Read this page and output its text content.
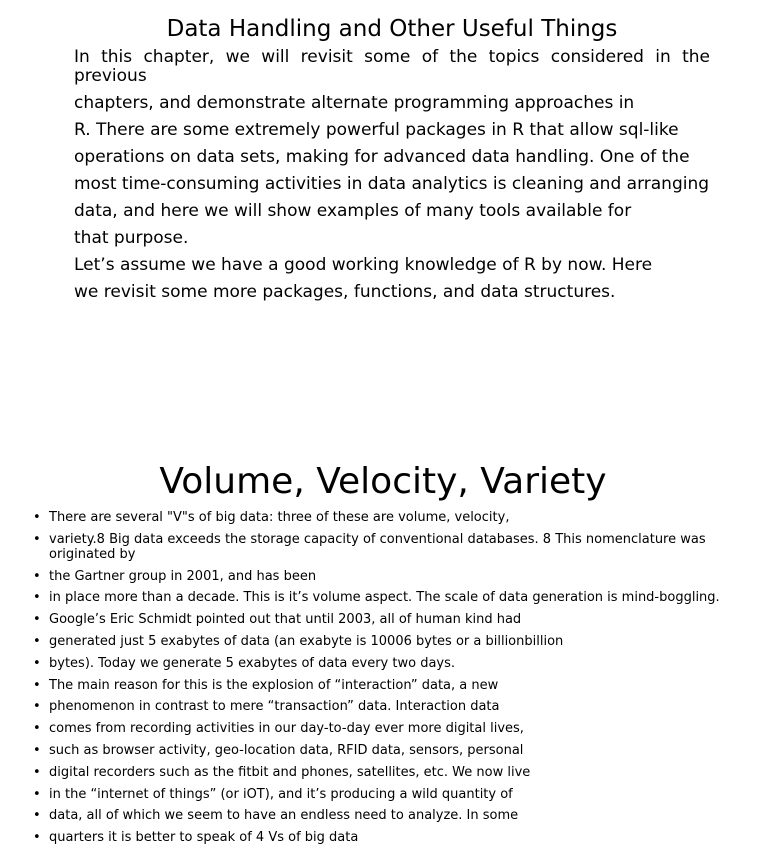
Data Handling and Other Useful Things
In this chapter, we will revisit some of the topics considered in the previous
chapters, and demonstrate alternate programming approaches in
R. There are some extremely powerful packages in R that allow sql-like
operations on data sets, making for advanced data handling. One of the
most time-consuming activities in data analytics is cleaning and arranging
data, and here we will show examples of many tools available for
that purpose.
Let’s assume we have a good working knowledge of R by now. Here
we revisit some more packages, functions, and data structures.
Volume, Velocity, Variety
• There are several "V"s of big data: three of these are volume, velocity,
• variety.8 Big data exceeds the storage capacity of conventional databases. 8 This nomenclature was originated by
• the Gartner group in 2001, and has been
• in place more than a decade. This is it’s volume aspect. The scale of data generation is mind-boggling.
• Google’s Eric Schmidt pointed out that until 2003, all of human kind had
• generated just 5 exabytes of data (an exabyte is 10006 bytes or a billionbillion
• bytes). Today we generate 5 exabytes of data every two days.
• The main reason for this is the explosion of “interaction” data, a new
• phenomenon in contrast to mere “transaction” data. Interaction data
• comes from recording activities in our day-to-day ever more digital lives,
• such as browser activity, geo-location data, RFID data, sensors, personal
• digital recorders such as the fitbit and phones, satellites, etc. We now live
• in the “internet of things” (or iOT), and it’s producing a wild quantity of
• data, all of which we seem to have an endless need to analyze. In some
• quarters it is better to speak of 4 Vs of big data
